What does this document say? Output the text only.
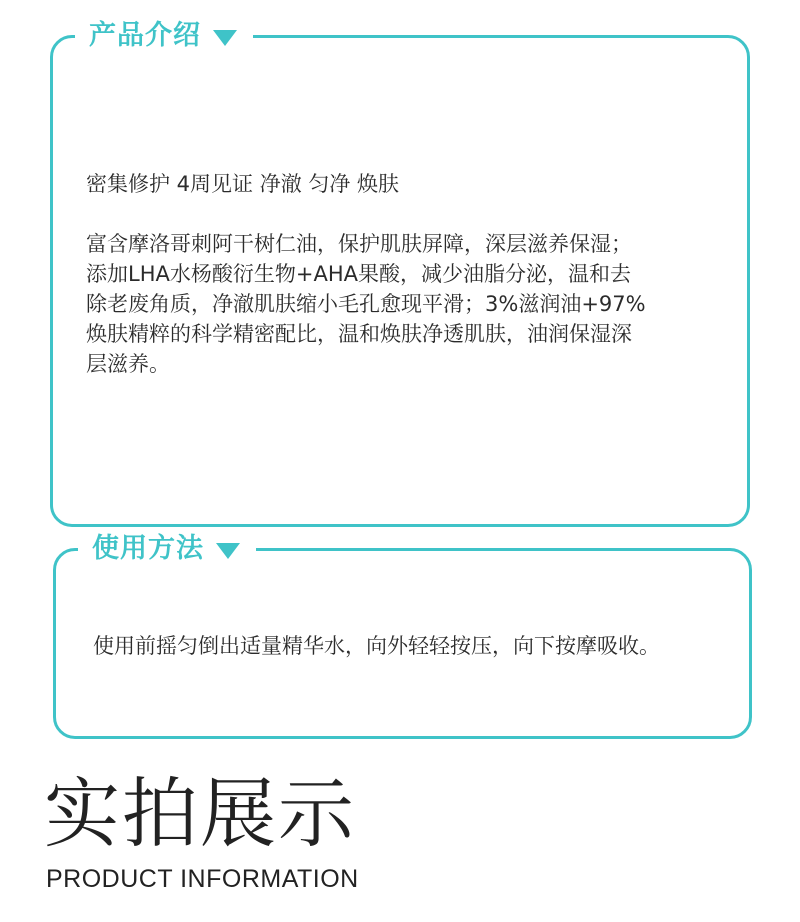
产品介绍
密集修护 4周见证 净澈 匀净 焕肤
富含摩洛哥刺阿干树仁油，保护肌肤屏障，深层滋养保湿；
添加LHA水杨酸衍生物+AHA果酸，减少油脂分泌，温和去
除老废角质，净澈肌肤缩小毛孔愈现平滑；3%滋润油+97%
焕肤精粹的科学精密配比，温和焕肤净透肌肤，油润保湿深
层滋养。
使用方法
使用前摇匀倒出适量精华水，向外轻轻按压，向下按摩吸收。
实拍展示
PRODUCT INFORMATION
